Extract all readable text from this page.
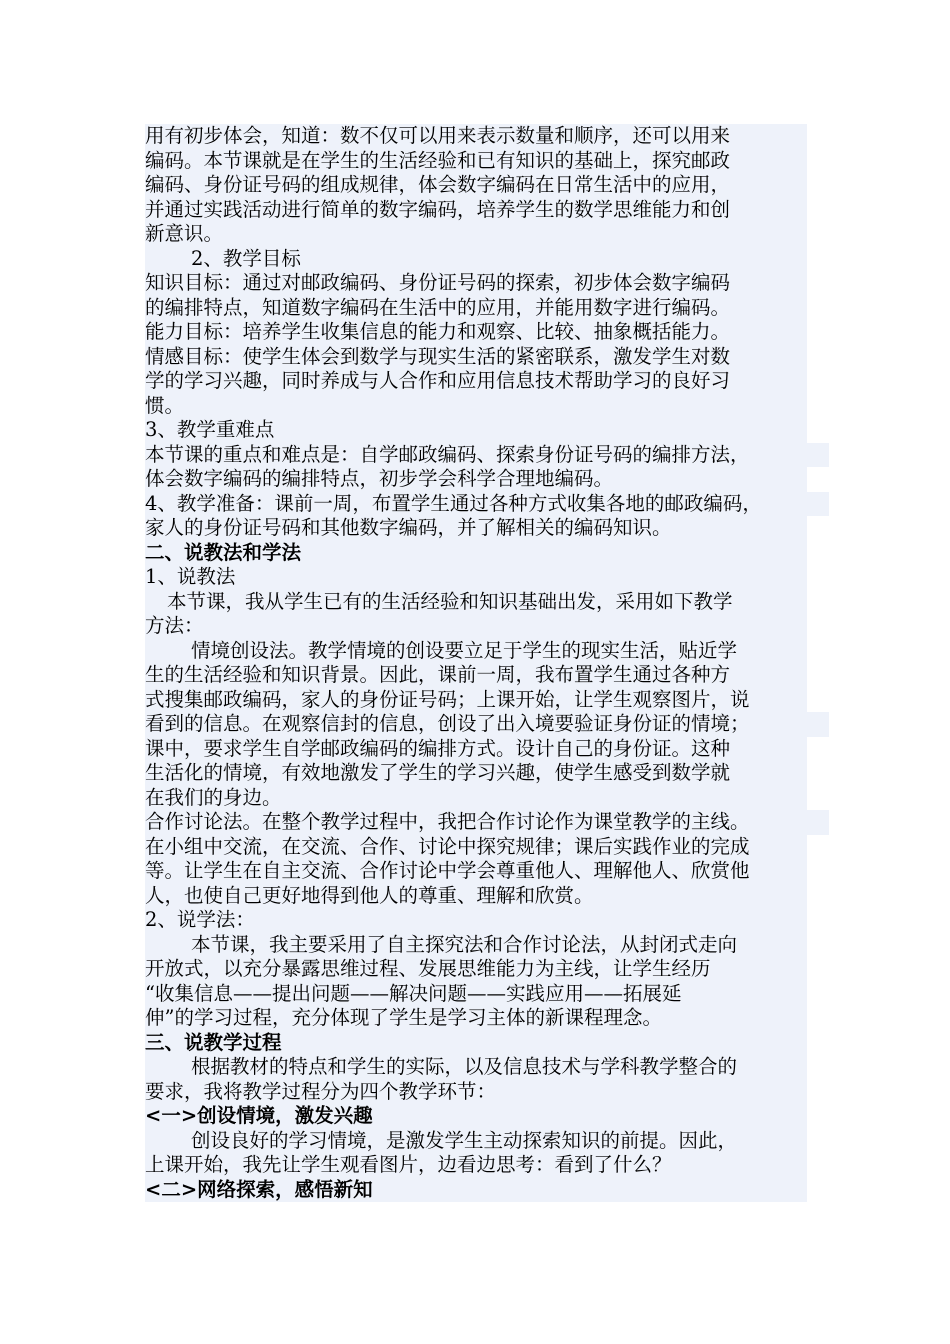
用有初步体会，知道：数不仅可以用来表示数量和顺序，还可以用来
编码。本节课就是在学生的生活经验和已有知识的基础上，探究邮政
编码、身份证号码的组成规律，体会数字编码在日常生活中的应用，
并通过实践活动进行简单的数字编码，培养学生的数学思维能力和创
新意识。
2、教学目标
知识目标：通过对邮政编码、身份证号码的探索，初步体会数字编码
的编排特点，知道数字编码在生活中的应用，并能用数字进行编码。
能力目标：培养学生收集信息的能力和观察、比较、抽象概括能力。
情感目标：使学生体会到数学与现实生活的紧密联系，激发学生对数
学的学习兴趣，同时养成与人合作和应用信息技术帮助学习的良好习
惯。
3、教学重难点
本节课的重点和难点是：自学邮政编码、探索身份证号码的编排方法，
体会数字编码的编排特点，初步学会科学合理地编码。
4、教学准备：课前一周，布置学生通过各种方式收集各地的邮政编码，
家人的身份证号码和其他数字编码，并了解相关的编码知识。
二、说教法和学法
1、说教法
本节课，我从学生已有的生活经验和知识基础出发，采用如下教学
方法：
情境创设法。教学情境的创设要立足于学生的现实生活，贴近学
生的生活经验和知识背景。因此，课前一周，我布置学生通过各种方
式搜集邮政编码，家人的身份证号码；上课开始，让学生观察图片，说
看到的信息。在观察信封的信息，创设了出入境要验证身份证的情境；
课中，要求学生自学邮政编码的编排方式。设计自己的身份证。这种
生活化的情境，有效地激发了学生的学习兴趣，使学生感受到数学就
在我们的身边。
合作讨论法。在整个教学过程中，我把合作讨论作为课堂教学的主线。
在小组中交流，在交流、合作、讨论中探究规律；课后实践作业的完成
等。让学生在自主交流、合作讨论中学会尊重他人、理解他人、欣赏他
人，也使自己更好地得到他人的尊重、理解和欣赏。
2、说学法：
本节课，我主要采用了自主探究法和合作讨论法，从封闭式走向
开放式，以充分暴露思维过程、发展思维能力为主线，让学生经历
“收集信息——提出问题——解决问题——实践应用——拓展延
伸”的学习过程，充分体现了学生是学习主体的新课程理念。
三、说教学过程
根据教材的特点和学生的实际，以及信息技术与学科教学整合的
要求，我将教学过程分为四个教学环节：
<一>创设情境，激发兴趣
创设良好的学习情境，是激发学生主动探索知识的前提。因此，
上课开始，我先让学生观看图片，边看边思考：看到了什么？
<二>网络探索，感悟新知
